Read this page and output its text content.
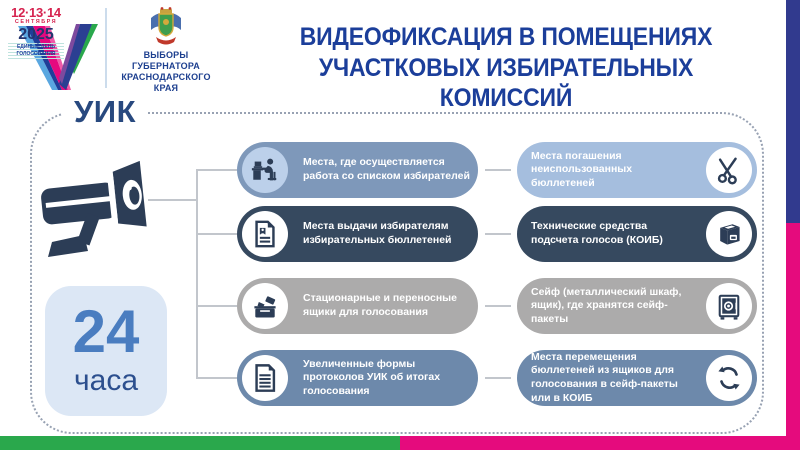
12·13·14
СЕНТЯБРЯ
2025
ЕДИНЫЙ ДЕНЬ ГОЛОСОВАНИЯ	ВЫБОРЫ
ГУБЕРНАТОРА
КРАСНОДАРСКОГО
КРАЯ
ВИДЕОФИКСАЦИЯ В ПОМЕЩЕНИЯХ
УЧАСТКОВЫХ ИЗБИРАТЕЛЬНЫХ КОМИССИЙ
УИК
24
часа
Места, где осуществляется работа со списком избирателей
Места погашения неиспользованных бюллетеней
Места выдачи избирателям избирательных бюллетеней
Технические средства подсчета голосов (КОИБ)
Стационарные и переносные ящики для голосования
Сейф (металлический шкаф, ящик), где хранятся сейф-пакеты
Увеличенные формы протоколов УИК об итогах голосования
Места перемещения бюллетеней из ящиков для голосования в сейф-пакеты или в КОИБ
